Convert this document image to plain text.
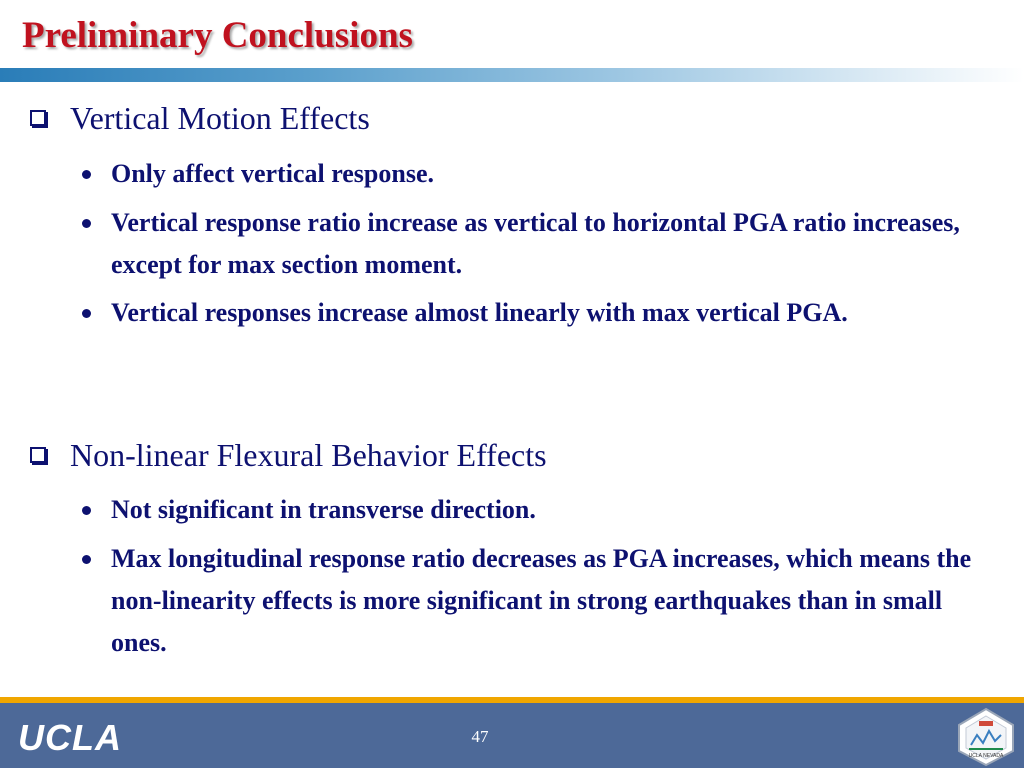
Preliminary Conclusions
Vertical Motion Effects
Only affect vertical response.
Vertical response ratio increase as vertical to horizontal PGA ratio increases, except for max section moment.
Vertical responses increase almost linearly with max vertical PGA.
Non-linear Flexural Behavior Effects
Not significant in transverse direction.
Max longitudinal response ratio decreases as PGA increases, which means the non-linearity effects is more significant in strong earthquakes than in small ones.
UCLA	47
UCLA NEVADA
